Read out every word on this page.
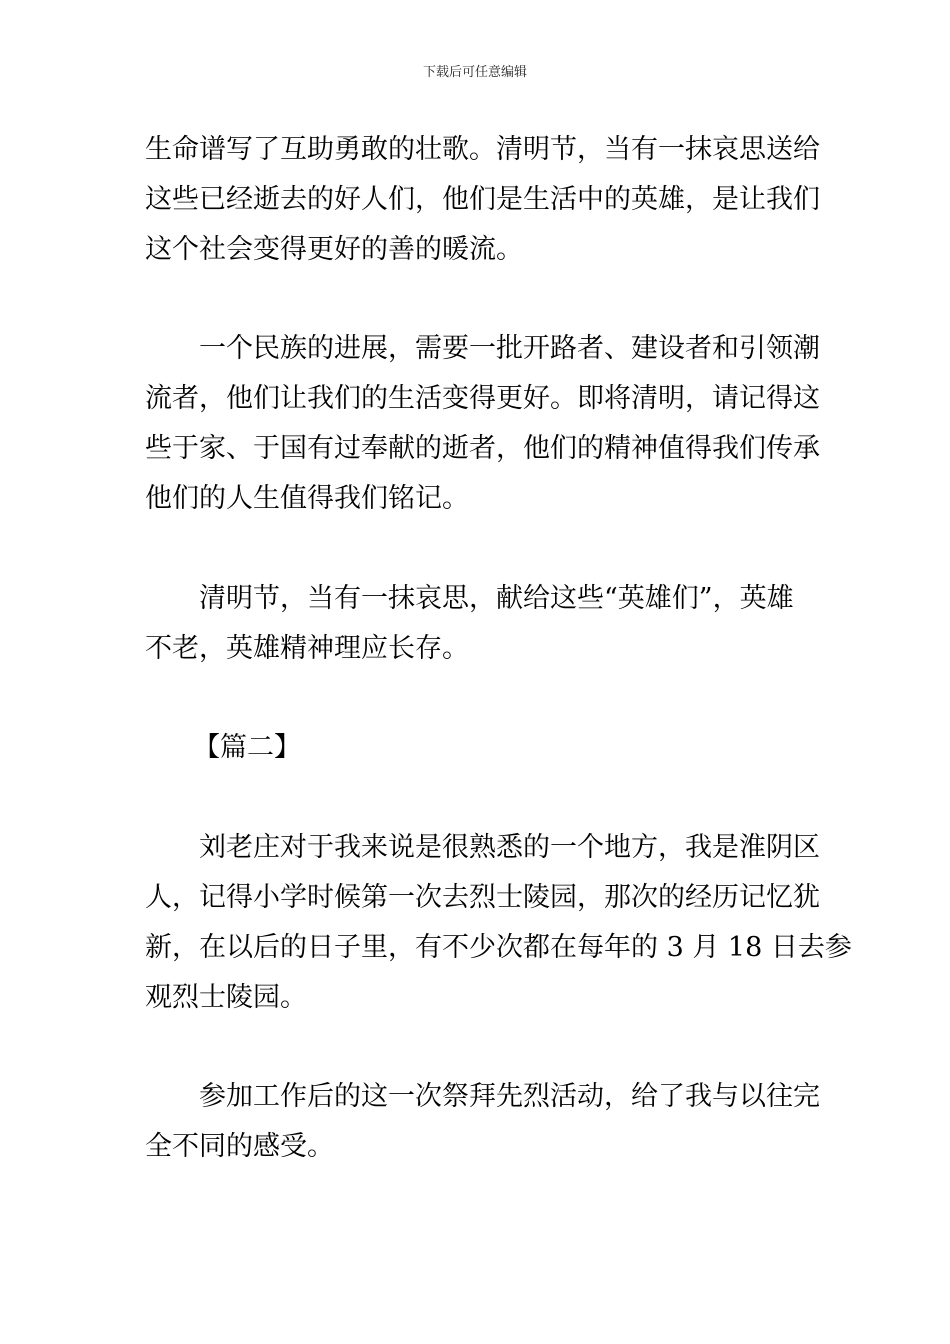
下载后可任意编辑
生命谱写了互助勇敢的壮歌。清明节，当有一抹哀思送给
这些已经逝去的好人们，他们是生活中的英雄，是让我们
这个社会变得更好的善的暖流。
一个民族的进展，需要一批开路者、建设者和引领潮
流者，他们让我们的生活变得更好。即将清明，请记得这
些于家、于国有过奉献的逝者，他们的精神值得我们传承
他们的人生值得我们铭记。
清明节，当有一抹哀思，献给这些“英雄们”，英雄
不老，英雄精神理应长存。
【篇二】
刘老庄对于我来说是很熟悉的一个地方，我是淮阴区
人，记得小学时候第一次去烈士陵园，那次的经历记忆犹
新，在以后的日子里，有不少次都在每年的 3 月 18 日去参
观烈士陵园。
参加工作后的这一次祭拜先烈活动，给了我与以往完
全不同的感受。
